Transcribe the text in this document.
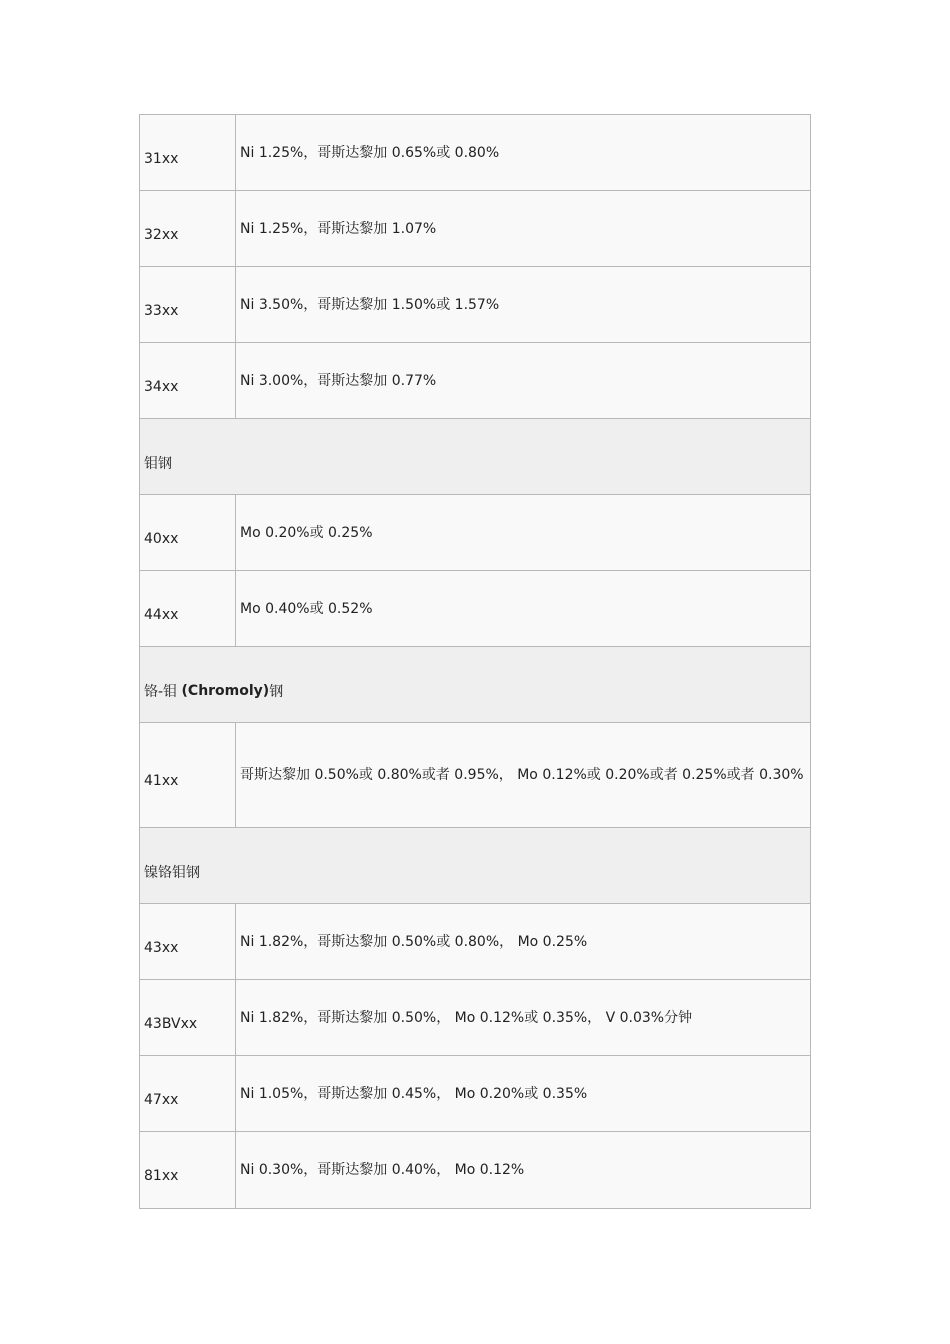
31xx	Ni 1.25%，哥斯达黎加 0.65%或 0.80%
32xx	Ni 1.25%，哥斯达黎加 1.07%
33xx	Ni 3.50%，哥斯达黎加 1.50%或 1.57%
34xx	Ni 3.00%，哥斯达黎加 0.77%
钼钢
40xx	Mo 0.20%或 0.25%
44xx	Mo 0.40%或 0.52%
铬-钼
(Chromoly) 钢
41xx	哥斯达黎加 0.50%或 0.80%或者 0.95%， Mo 0.12%或 0.20%或者 0.25%或者 0.30%
镍铬钼钢
43xx	Ni 1.82%，哥斯达黎加 0.50%或 0.80%， Mo 0.25%
43BVxx	Ni 1.82%，哥斯达黎加 0.50%， Mo 0.12%或 0.35%， V 0.03%分钟
47xx	Ni 1.05%，哥斯达黎加 0.45%， Mo 0.20%或 0.35%
81xx	Ni 0.30%，哥斯达黎加 0.40%， Mo 0.12%
